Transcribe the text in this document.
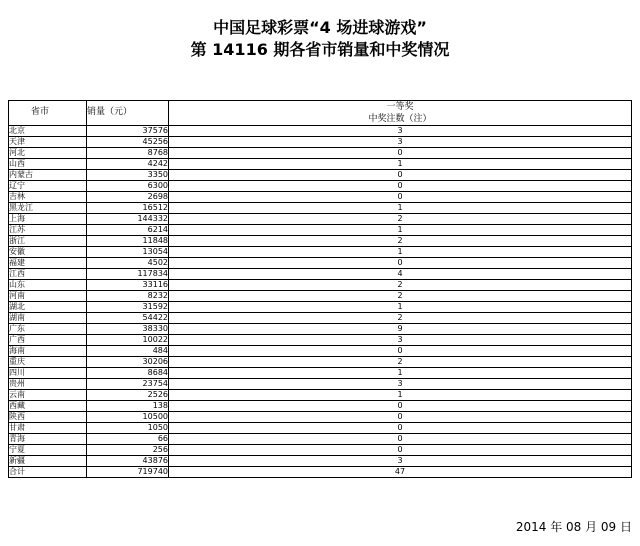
中国足球彩票“4 场进球游戏”
第 14116 期各省市销量和中奖情况
		一等奖
省市	销量（元）	中奖注数（注）
北京	37576	3
天津	45256	3
河北	8768	0
山西	4242	1
内蒙古	3350	0
辽宁	6300	0
吉林	2698	0
黑龙江	16512	1
上海	144332	2
江苏	6214	1
浙江	11848	2
安徽	13054	1
福建	4502	0
江西	117834	4
山东	33116	2
河南	8232	2
湖北	31592	1
湖南	54422	2
广东	38330	9
广西	10022	3
海南	484	0
重庆	30206	2
四川	8684	1
贵州	23754	3
云南	2526	1
西藏	138	0
陕西	10500	0
甘肃	1050	0
青海	66	0
宁夏	256	0
新疆	43876	3
合计	719740	47
2014 年 08 月 09 日
